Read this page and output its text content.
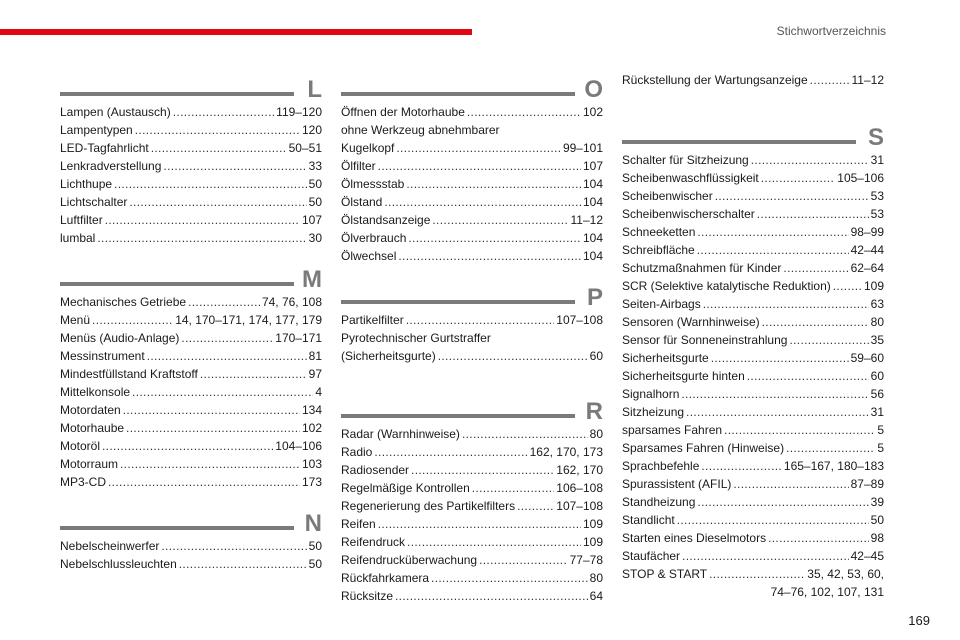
Stichwortverzeichnis
L
Lampen (Austausch) . . .	119–120
Lampentypen . . .	120
LED-Tagfahrlicht . . .	50–51
Lenkradverstellung . . .	33
Lichthupe . . .	50
Lichtschalter . . .	50
Luftfilter . . .	107
lumbal . . .	30
M
Mechanisches Getriebe . . .	74, 76, 108
Menü . . .	14, 170–171, 174, 177, 179
Menüs (Audio-Anlage) . . .	170–171
Messinstrument . . .	81
Mindestfüllstand Kraftstoff . . .	97
Mittelkonsole . . .	4
Motordaten . . .	134
Motorhaube . . .	102
Motoröl . . .	104–106
Motorraum . . .	103
MP3-CD . . .	173
N
Nebelscheinwerfer . . .	50
Nebelschlussleuchten . . .	50
O
Öffnen der Motorhaube . . .	102
ohne Werkzeug abnehmbarer
Kugelkopf . . .	99–101
Ölfilter . . .	107
Ölmessstab . . .	104
Ölstand . . .	104
Ölstandsanzeige . . .	11–12
Ölverbrauch . . .	104
Ölwechsel . . .	104
P
Partikelfilter . . .	107–108
Pyrotechnischer Gurtstraffer
(Sicherheitsgurte) . . .	60
R
Radar (Warnhinweise) . . .	80
Radio . . .	162, 170, 173
Radiosender . . .	162, 170
Regelmäßige Kontrollen . . .	106–108
Regenerierung des Partikelfilters . . .	107–108
Reifen . . .	109
Reifendruck . . .	109
Reifendrucküberwachung . . .	77–78
Rückfahrkamera . . .	80
Rücksitze . . .	64
Rückstellung der Wartungsanzeige . . .	11–12
S
Schalter für Sitzheizung . . .	31
Scheibenwaschflüssigkeit . . .	105–106
Scheibenwischer . . .	53
Scheibenwischerschalter . . .	53
Schneeketten . . .	98–99
Schreibfläche . . .	42–44
Schutzmaßnahmen für Kinder . . .	62–64
SCR (Selektive katalytische Reduktion) . . .	109
Seiten-Airbags . . .	63
Sensoren (Warnhinweise) . . .	80
Sensor für Sonneneinstrahlung . . .	35
Sicherheitsgurte . . .	59–60
Sicherheitsgurte hinten . . .	60
Signalhorn . . .	56
Sitzheizung . . .	31
sparsames Fahren . . .	5
Sparsames Fahren (Hinweise) . . .	5
Sprachbefehle . . .	165–167, 180–183
Spurassistent (AFIL) . . .	87–89
Standheizung . . .	39
Standlicht . . .	50
Starten eines Dieselmotors . . .	98
Staufächer . . .	42–45
STOP & START . . .	35, 42, 53, 60,
74–76, 102, 107, 131
169
